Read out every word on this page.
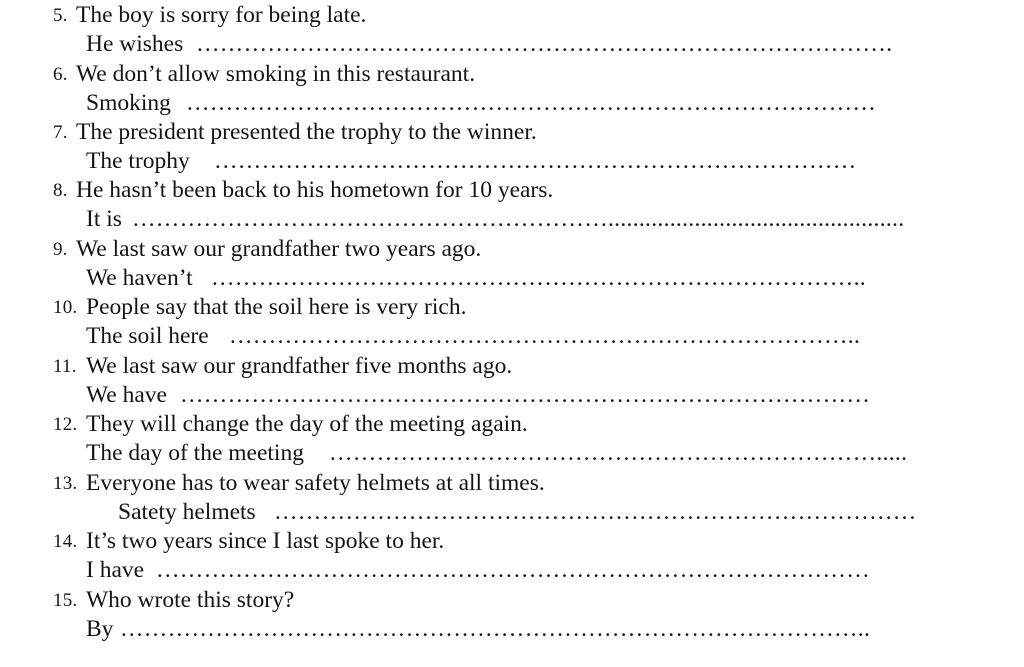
5. The boy is sorry for being late.
He wishes …………………………………………………………………………….
6. We don’t allow smoking in this restaurant.
Smoking ……………………………………………………………………………
7. The president presented the trophy to the winner.
The trophy ………………………………………………………………………
8. He hasn’t been back to his hometown for 10 years.
It is ……………………………………………………................................................
9. We last saw our grandfather two years ago.
We haven’t ………………………………………………………………………..
10. People say that the soil here is very rich.
The soil here ……………………………………………………………………..
11. We last saw our grandfather five months ago.
We have ……………………………………………………………………………
12. They will change the day of the meeting again.
The day of the meeting …………………………………………………………….....
13. Everyone has to wear safety helmets at all times.
Satety helmets ………………………………………………………………………
14. It’s two years since I last spoke to her.
I have ………………………………………………………………………………
15. Who wrote this story?
By …………………………………………………………………………………..
